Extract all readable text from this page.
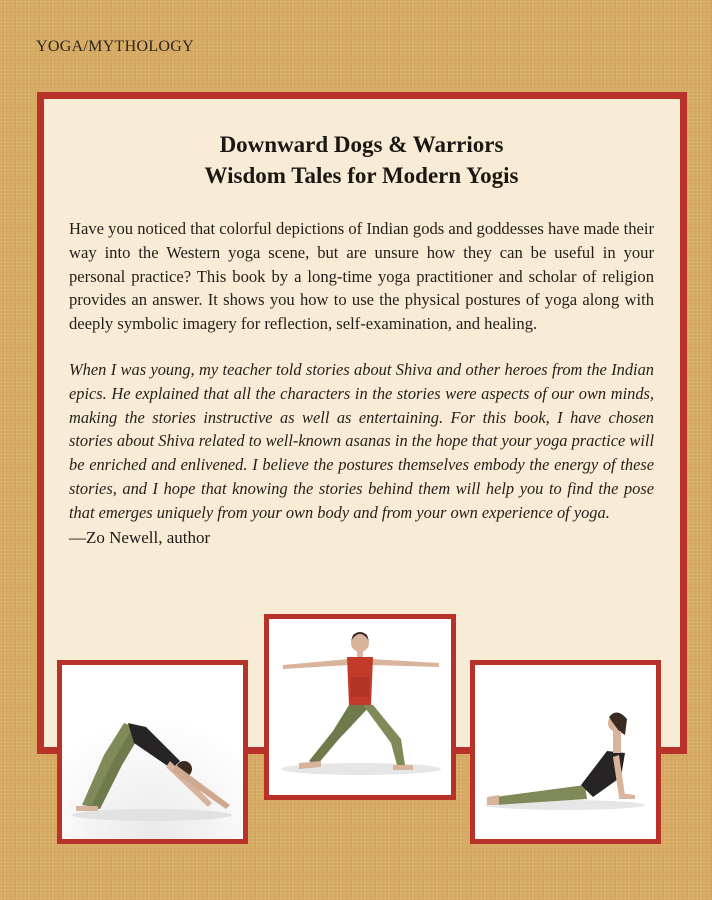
YOGA/MYTHOLOGY
Downward Dogs & Warriors
Wisdom Tales for Modern Yogis
Have you noticed that colorful depictions of Indian gods and goddesses have made their way into the Western yoga scene, but are unsure how they can be useful in your personal practice? This book by a long-time yoga practitioner and scholar of religion provides an answer. It shows you how to use the physical postures of yoga along with deeply symbolic imagery for reflection, self-examination, and healing.
When I was young, my teacher told stories about Shiva and other heroes from the Indian epics. He explained that all the characters in the stories were aspects of our own minds, making the stories instructive as well as entertaining. For this book, I have chosen stories about Shiva related to well-known asanas in the hope that your yoga practice will be enriched and enlivened. I believe the postures themselves embody the energy of these stories, and I hope that knowing the stories behind them will help you to find the pose that emerges uniquely from your own body and from your own experience of yoga.
—Zo Newell, author
